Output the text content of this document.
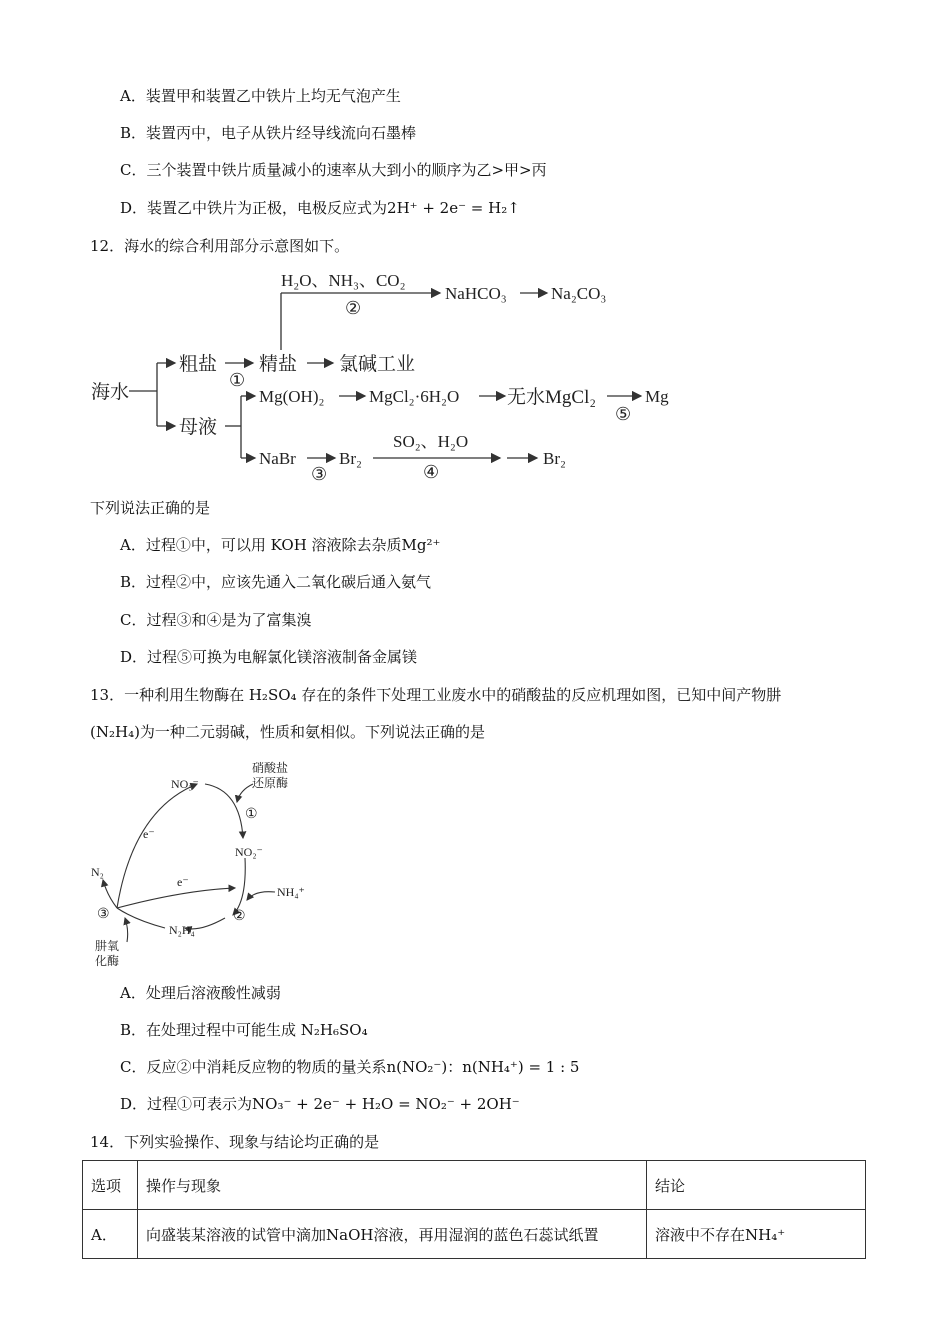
A．装置甲和装置乙中铁片上均无气泡产生
B．装置丙中，电子从铁片经导线流向石墨棒
C．三个装置中铁片质量减小的速率从大到小的顺序为乙>甲>丙
D．装置乙中铁片为正极，电极反应式为2H⁺ + 2e⁻ = H₂↑
12．海水的综合利用部分示意图如下。
海水
粗盐 精盐 氯碱工业
母液
无水MgCl₂
H₂O、NH₃、CO₂
NaHCO₃	Na₂CO₃
Mg(OH)₂	MgCl₂·6H₂O	Mg
NaBr	Br₂
SO₂、H₂O
Br₂
①
②
③	④
⑤
下列说法正确的是
A．过程①中，可以用 KOH 溶液除去杂质Mg²⁺
B．过程②中，应该先通入二氧化碳后通入氨气
C．过程③和④是为了富集溴
D．过程⑤可换为电解氯化镁溶液制备金属镁
13．一种利用生物酶在 H₂SO₄ 存在的条件下处理工业废水中的硝酸盐的反应机理如图，已知中间产物肼
(N₂H₄)为一种二元弱碱，性质和氨相似。下列说法正确的是
NO₃⁻
硝酸盐
还原酶
NO₂⁻
NH₄⁺
N₂H₄
N₂
e⁻
e⁻
肼氧
化酶
①
②
③
A．处理后溶液酸性减弱
B．在处理过程中可能生成 N₂H₆SO₄
C．反应②中消耗反应物的物质的量关系n(NO₂⁻)：n(NH₄⁺) = 1 : 5
D．过程①可表示为NO₃⁻ + 2e⁻ + H₂O = NO₂⁻ + 2OH⁻
14．下列实验操作、现象与结论均正确的是
选项	操作与现象	结论
A．	向盛装某溶液的试管中滴加NaOH溶液，再用湿润的蓝色石蕊试纸置	溶液中不存在NH₄⁺
